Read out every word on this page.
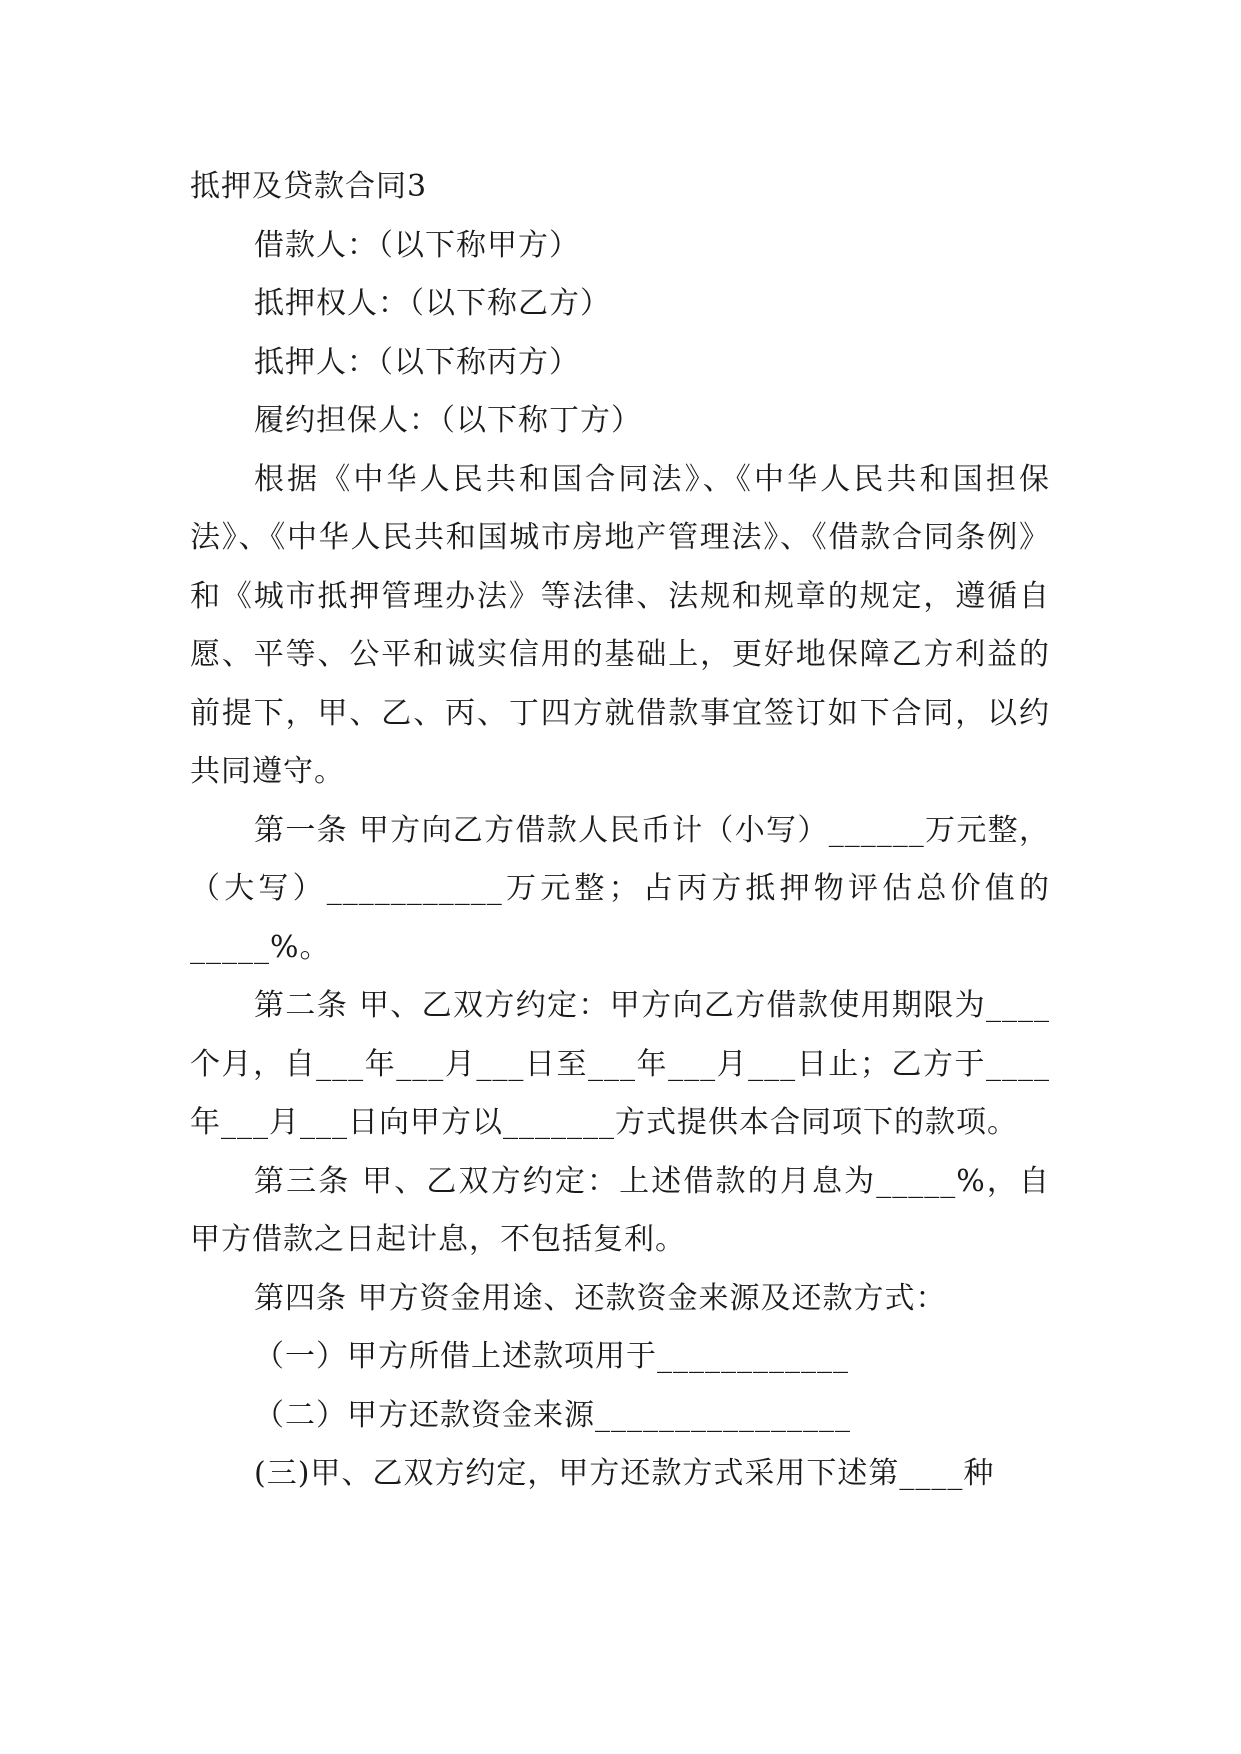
抵押及贷款合同3
借款人：（以下称甲方）
抵押权人：（以下称乙方）
抵押人：（以下称丙方）
履约担保人：（以下称丁方）

根据《中华人民共和国合同法》、《中华人民共和国担保法》、《中华人民共和国城市房地产管理法》、《借款合同条例》和《城市抵押管理办法》等法律、法规和规章的规定，遵循自愿、平等、公平和诚实信用的基础上，更好地保障乙方利益的前提下，甲、乙、丙、丁四方就借款事宜签订如下合同，以约共同遵守。

第一条 甲方向乙方借款人民币计（小写）______万元整，（大写）___________万元整；占丙方抵押物评估总价值的_____%。

第二条 甲、乙双方约定：甲方向乙方借款使用期限为____个月，自___年___月___日至___年___月___日止；乙方于____年___月___日向甲方以_______方式提供本合同项下的款项。

第三条 甲、乙双方约定：上述借款的月息为_____%，自甲方借款之日起计息，不包括复利。

第四条 甲方资金用途、还款资金来源及还款方式：
（一）甲方所借上述款项用于____________
（二）甲方还款资金来源________________
(三)甲、乙双方约定，甲方还款方式采用下述第____种
